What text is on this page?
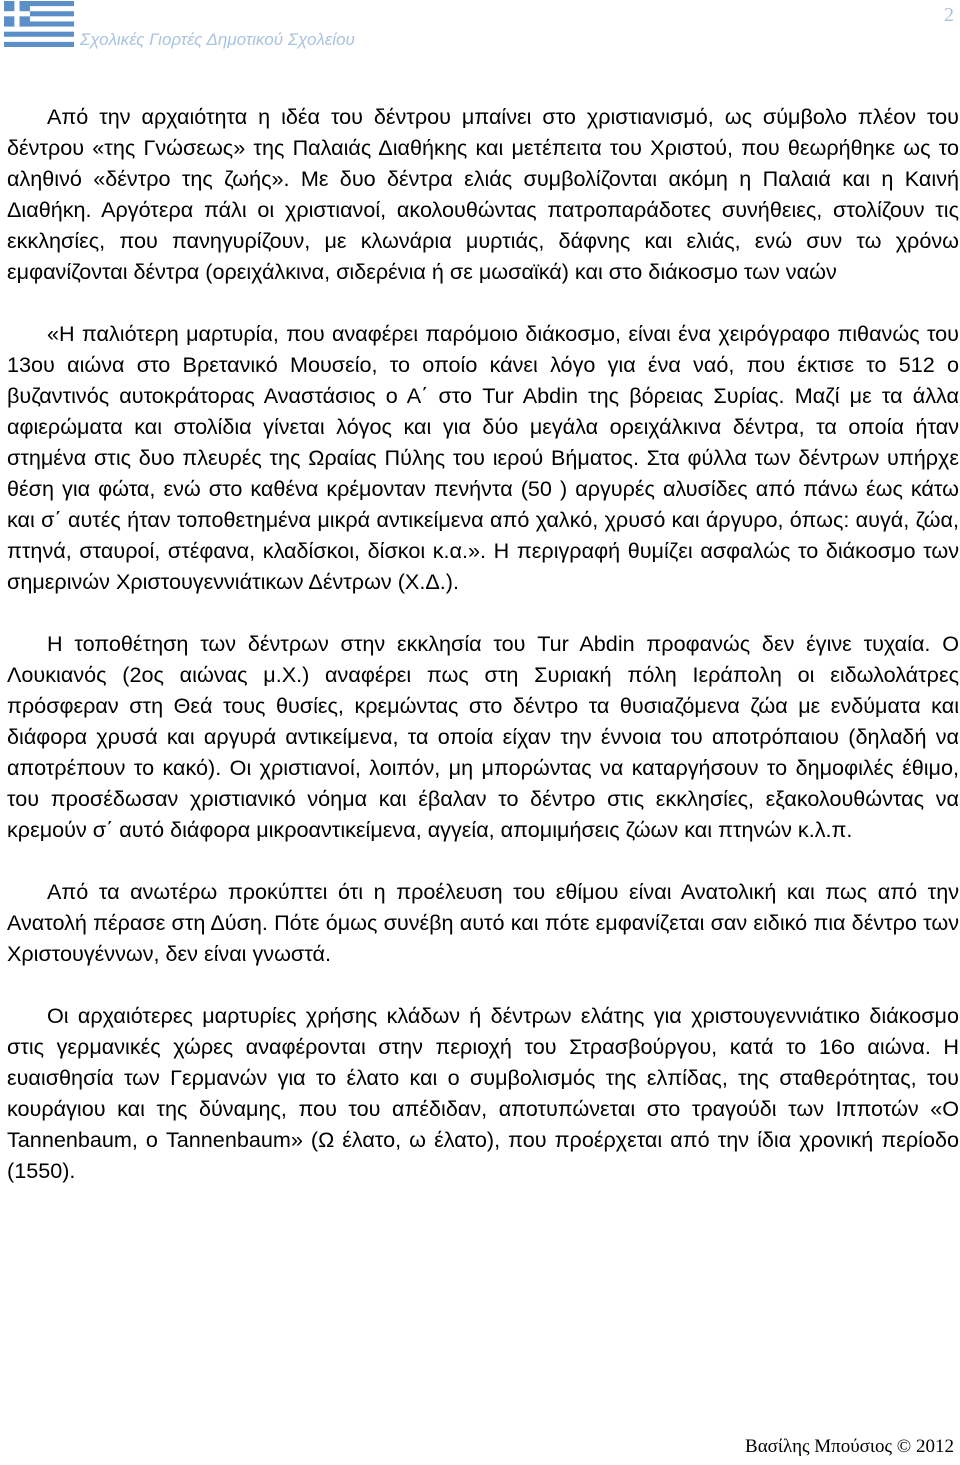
Σχολικές Γιορτές Δημοτικού Σχολείου
2

Από την αρχαιότητα η ιδέα του δέντρου μπαίνει στο χριστιανισμό, ως σύμβολο πλέον του δέντρου «της Γνώσεως» της Παλαιάς Διαθήκης και μετέπειτα του Χριστού, που θεωρήθηκε ως το αληθινό «δέντρο της ζωής». Με δυο δέντρα ελιάς συμβολίζονται ακόμη η Παλαιά και η Καινή Διαθήκη. Αργότερα πάλι οι χριστιανοί, ακολουθώντας πατροπαράδοτες συνήθειες, στολίζουν τις εκκλησίες, που πανηγυρίζουν, με κλωνάρια μυρτιάς, δάφνης και ελιάς, ενώ συν τω χρόνω εμφανίζονται δέντρα (ορειχάλκινα, σιδερένια ή σε μωσαϊκά) και στο διάκοσμο των ναών

«Η παλιότερη μαρτυρία, που αναφέρει παρόμοιο διάκοσμο, είναι ένα χειρόγραφο πιθανώς του 13ου αιώνα στο Βρετανικό Μουσείο, το οποίο κάνει λόγο για ένα ναό, που έκτισε το 512 ο βυζαντινός αυτοκράτορας Αναστάσιος ο Α΄ στο Tur Abdin της βόρειας Συρίας. Μαζί με τα άλλα αφιερώματα και στολίδια γίνεται λόγος και για δύο μεγάλα ορειχάλκινα δέντρα, τα οποία ήταν στημένα στις δυο πλευρές της Ωραίας Πύλης του ιερού Βήματος. Στα φύλλα των δέντρων υπήρχε θέση για φώτα, ενώ στο καθένα κρέμονταν πενήντα (50 ) αργυρές αλυσίδες από πάνω έως κάτω και σ΄ αυτές ήταν τοποθετημένα μικρά αντικείμενα από χαλκό, χρυσό και άργυρο, όπως: αυγά, ζώα, πτηνά, σταυροί, στέφανα, κλαδίσκοι, δίσκοι κ.α.». Η περιγραφή θυμίζει ασφαλώς το διάκοσμο των σημερινών Χριστουγεννιάτικων Δέντρων (Χ.Δ.).

Η τοποθέτηση των δέντρων στην εκκλησία του Tur Abdin προφανώς δεν έγινε τυχαία. Ο Λουκιανός (2ος αιώνας μ.Χ.) αναφέρει πως στη Συριακή πόλη Ιεράπολη οι ειδωλολάτρες πρόσφεραν στη Θεά τους θυσίες, κρεμώντας στο δέντρο τα θυσιαζόμενα ζώα με ενδύματα και διάφορα χρυσά και αργυρά αντικείμενα, τα οποία είχαν την έννοια του αποτρόπαιου (δηλαδή να αποτρέπουν το κακό). Οι χριστιανοί, λοιπόν, μη μπορώντας να καταργήσουν το δημοφιλές έθιμο, του προσέδωσαν χριστιανικό νόημα και έβαλαν το δέντρο στις εκκλησίες, εξακολουθώντας να κρεμούν σ΄ αυτό διάφορα μικροαντικείμενα, αγγεία, απομιμήσεις ζώων και πτηνών κ.λ.π.

Από τα ανωτέρω προκύπτει ότι η προέλευση του εθίμου είναι Ανατολική και πως από την Ανατολή πέρασε στη Δύση. Πότε όμως συνέβη αυτό και πότε εμφανίζεται σαν ειδικό πια δέντρο των Χριστουγέννων, δεν είναι γνωστά.

Οι αρχαιότερες μαρτυρίες χρήσης κλάδων ή δέντρων ελάτης για χριστουγεννιάτικο διάκοσμο στις γερμανικές χώρες αναφέρονται στην περιοχή του Στρασβούργου, κατά το 16ο αιώνα. Η ευαισθησία των Γερμανών για το έλατο και ο συμβολισμός της ελπίδας, της σταθερότητας, του κουράγιου και της δύναμης, που του απέδιδαν, αποτυπώνεται στο τραγούδι των Ιπποτών «Ο Tannenbaum, ο Tannenbaum» (Ω έλατο, ω έλατο), που προέρχεται από την ίδια χρονική περίοδο (1550).

Βασίλης Μπούσιος © 2012
